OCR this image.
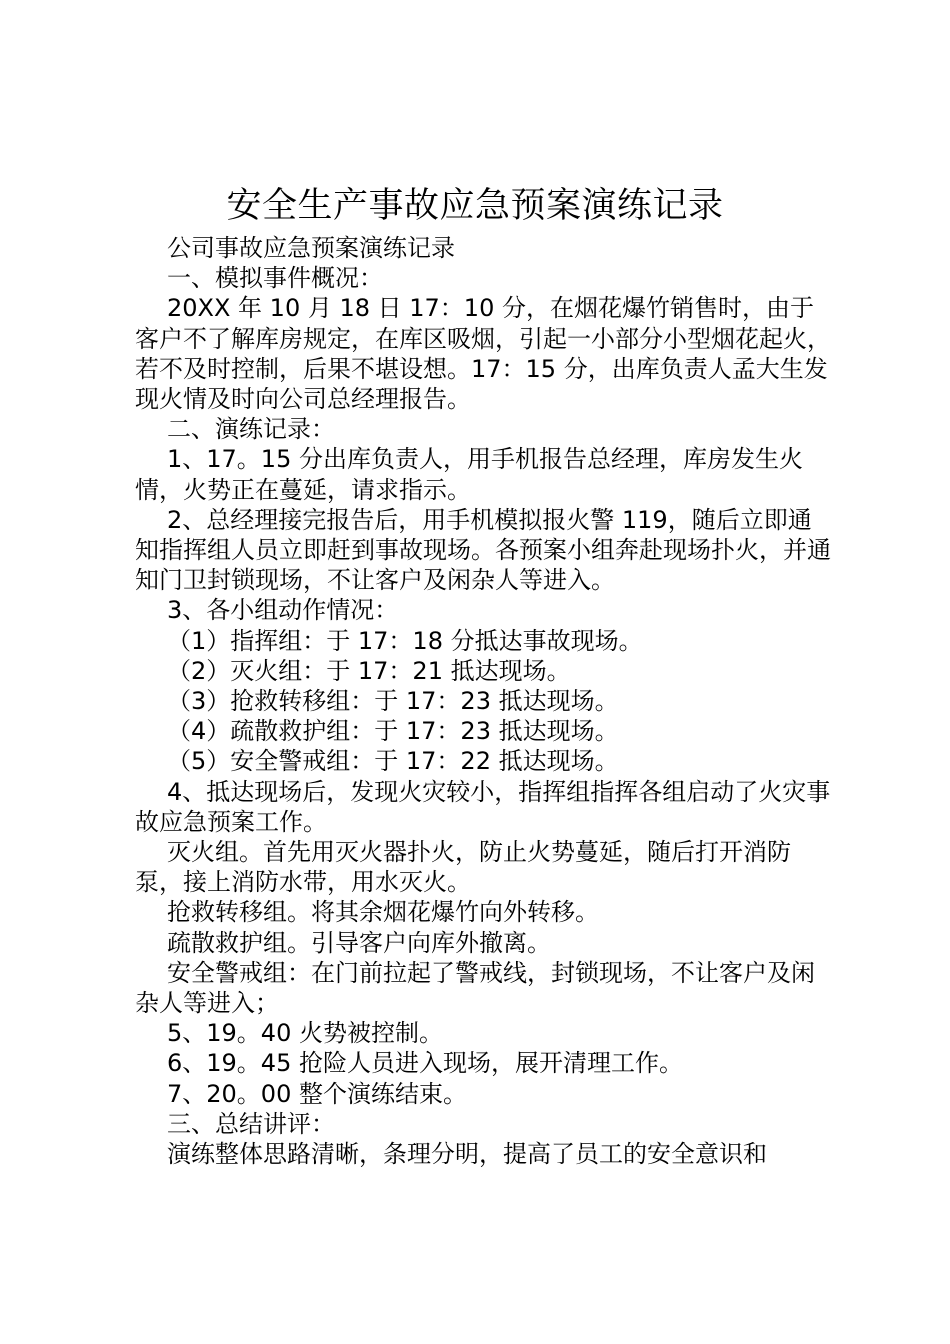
安全生产事故应急预案演练记录

公司事故应急预案演练记录

一、模拟事件概况：

20XX 年 10 月 18 日 17：10 分，在烟花爆竹销售时，由于客户不了解库房规定，在库区吸烟，引起一小部分小型烟花起火，若不及时控制，后果不堪设想。17：15 分，出库负责人孟大生发现火情及时向公司总经理报告。

二、演练记录：

1、17。15 分出库负责人，用手机报告总经理，库房发生火情，火势正在蔓延，请求指示。

2、总经理接完报告后，用手机模拟报火警 119，随后立即通知指挥组人员立即赶到事故现场。各预案小组奔赴现场扑火，并通知门卫封锁现场，不让客户及闲杂人等进入。

3、各小组动作情况：

（1）指挥组：于 17：18 分抵达事故现场。

（2）灭火组：于 17：21 抵达现场。

（3）抢救转移组：于 17：23 抵达现场。

（4）疏散救护组：于 17：23 抵达现场。

（5）安全警戒组：于 17：22 抵达现场。

4、抵达现场后，发现火灾较小，指挥组指挥各组启动了火灾事故应急预案工作。

灭火组。首先用灭火器扑火，防止火势蔓延，随后打开消防泵，接上消防水带，用水灭火。

抢救转移组。将其余烟花爆竹向外转移。

疏散救护组。引导客户向库外撤离。

安全警戒组：在门前拉起了警戒线，封锁现场，不让客户及闲杂人等进入；

5、19。40 火势被控制。

6、19。45 抢险人员进入现场，展开清理工作。

7、20。00 整个演练结束。

三、总结讲评：

演练整体思路清晰，条理分明，提高了员工的安全意识和
